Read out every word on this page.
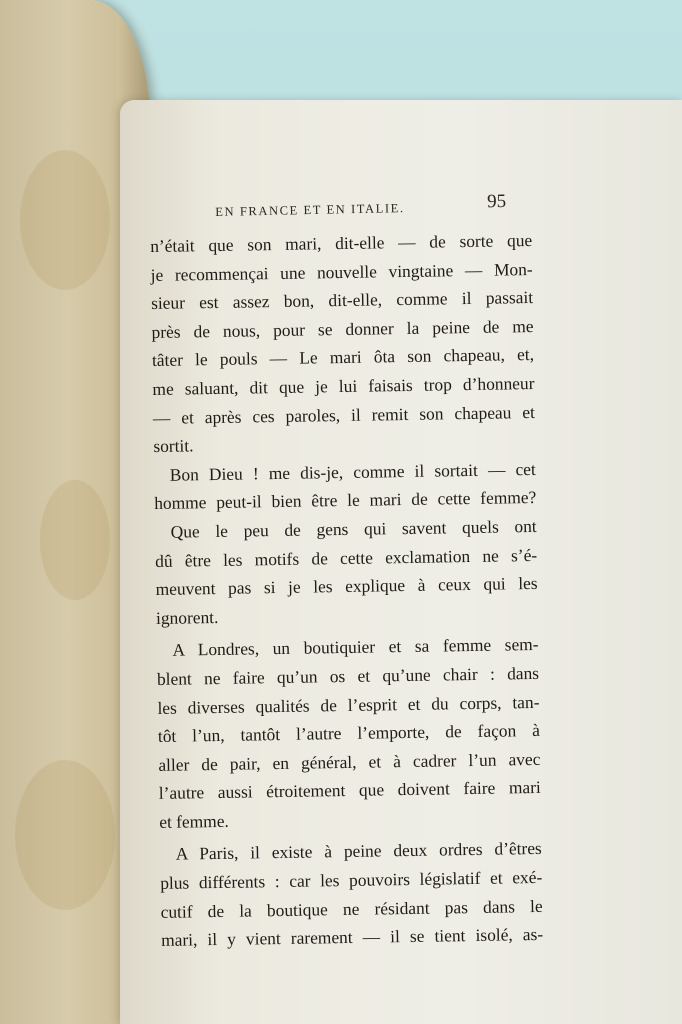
EN FRANCE ET EN ITALIE.	95
n’était que son mari, dit-elle — de sorte que
je recommençai une nouvelle vingtaine — Mon-
sieur est assez bon, dit-elle, comme il passait
près de nous, pour se donner la peine de me
tâter le pouls — Le mari ôta son chapeau, et,
me saluant, dit que je lui faisais trop d’honneur
— et après ces paroles, il remit son chapeau et
sortit.
Bon Dieu ! me dis-je, comme il sortait — cet
homme peut-il bien être le mari de cette femme?
Que le peu de gens qui savent quels ont
dû être les motifs de cette exclamation ne s’é-
meuvent pas si je les explique à ceux qui les
ignorent.
A Londres, un boutiquier et sa femme sem-
blent ne faire qu’un os et qu’une chair : dans
les diverses qualités de l’esprit et du corps, tan-
tôt l’un, tantôt l’autre l’emporte, de façon à
aller de pair, en général, et à cadrer l’un avec
l’autre aussi étroitement que doivent faire mari
et femme.
A Paris, il existe à peine deux ordres d’êtres
plus différents : car les pouvoirs législatif et exé-
cutif de la boutique ne résidant pas dans le
mari, il y vient rarement — il se tient isolé, as-
